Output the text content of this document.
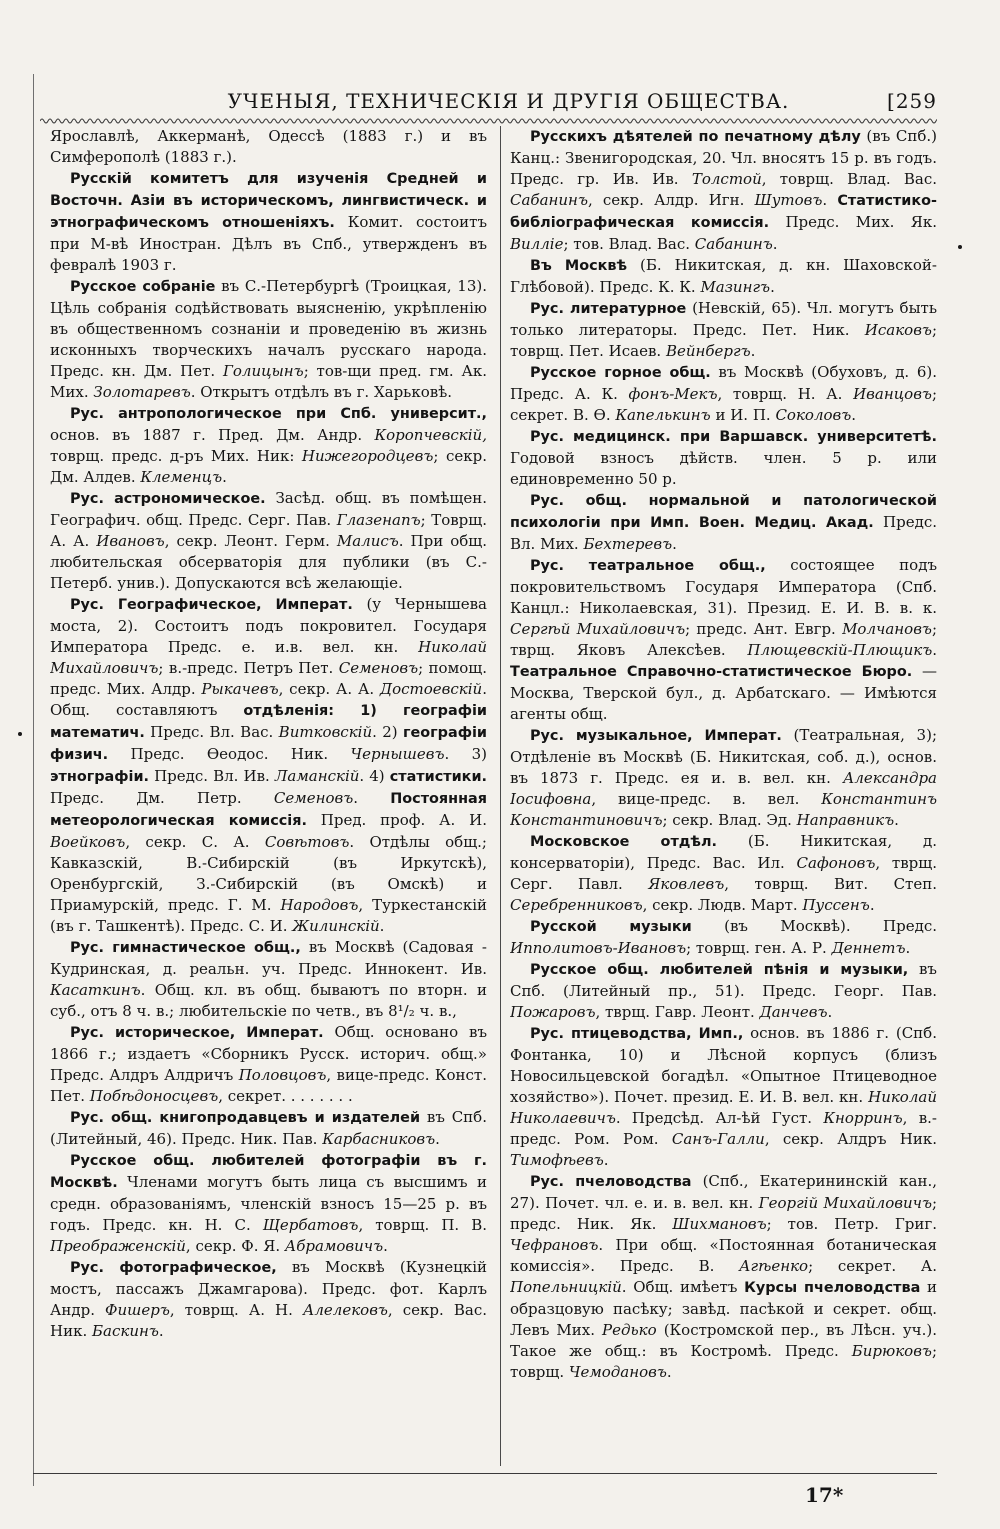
УЧЕНЫЯ, ТЕХНИЧЕСКІЯ И ДРУГІЯ ОБЩЕСТВА.	[259

Ярославлѣ, Аккерманѣ, Одессѣ (1883 г.) и въ Симферополѣ (1883 г.).

Русскій комитетъ для изученія Средней и Восточн. Азіи въ историческомъ, лингвистическ. и этнографическомъ отношеніяхъ. Комит. состоитъ при М-вѣ Иностран. Дѣлъ въ Спб., утвержденъ въ февралѣ 1903 г.

Русское собраніе въ С.-Петербургѣ (Троицкая, 13). Цѣль собранія содѣйствовать выясненію, укрѣпленію въ общественномъ сознаніи и проведенію въ жизнь исконныхъ творческихъ началъ русскаго народа. Предс. кн. Дм. Пет. Голицынъ; тов-щи пред. гм. Ак. Мих. Золотаревъ. Открытъ отдѣлъ въ г. Харьковѣ.

Рус. антропологическое при Спб. университ., основ. въ 1887 г. Пред. Дм. Андр. Коропчевскій, товрщ. предс. д-ръ Мих. Ник: Нижегородцевъ; секр. Дм. Алдев. Клеменцъ.

Рус. астрономическое. Засѣд. общ. въ помѣщен. Географич. общ. Предс. Серг. Пав. Глазенапъ; Товрщ. А. А. Ивановъ, секр. Леонт. Герм. Малисъ. При общ. любительская обсерваторія для публики (въ С.-Петерб. унив.). Допускаются всѣ желающіе.

Рус. Географическое, Императ. (у Чернышева моста, 2). Состоитъ подъ покровител. Государя Императора Предс. е. и.в. вел. кн. Николай Михайловичъ; в.-предс. Петръ Пет. Семеновъ; помощ. предс. Мих. Алдр. Рыкачевъ, секр. А. А. Достоевскій. Общ. составляютъ отдѣленія: 1) географіи математич. Предс. Вл. Вас. Витковскій. 2) географіи физич. Предс. Ѳеодос. Ник. Чернышевъ. 3) этнографіи. Предс. Вл. Ив. Ламанскій. 4) статистики. Предс. Дм. Петр. Семеновъ. Постоянная метеорологическая комиссія. Пред. проф. А. И. Воейковъ, секр. С. А. Совѣтовъ. Отдѣлы общ.; Кавказскій, В.-Сибирскій (въ Иркутскѣ), Оренбургскій, З.-Сибирскій (въ Омскѣ) и Приамурскій, предс. Г. М. Народовъ, Туркестанскій (въ г. Ташкентѣ). Предс. С. И. Жилинскій.

Рус. гимнастическое общ., въ Москвѣ (Садовая - Кудринская, д. реальн. уч. Предс. Иннокент. Ив. Касаткинъ. Общ. кл. въ общ. бываютъ по вторн. и суб., отъ 8 ч. в.; любительскіе по четв., въ 8¹/₂ ч. в.,

Рус. историческое, Императ. Общ. основано въ 1866 г.; издаетъ «Сборникъ Русск. историч. общ.» Предс. Алдръ Алдричъ Половцовъ, вице-предс. Конст. Пет. Побѣдоносцевъ, секрет. . . . . . . .

Рус. общ. книгопродавцевъ и издателей въ Спб. (Литейный, 46). Предс. Ник. Пав. Карбасниковъ.

Русское общ. любителей фотографіи въ г. Москвѣ. Членами могутъ быть лица съ высшимъ и средн. образованіямъ, членскій взносъ 15—25 р. въ годъ. Предс. кн. Н. С. Щербатовъ, товрщ. П. В. Преображенскій, секр. Ф. Я. Абрамовичъ.

Рус. фотографическое, въ Москвѣ (Кузнецкій мостъ, пассажъ Джамгарова). Предс. фот. Карлъ Андр. Фишеръ, товрщ. А. Н. Алелековъ, секр. Вас. Ник. Баскинъ.

Русскихъ дѣятелей по печатному дѣлу (въ Спб.) Канц.: Звенигородская, 20. Чл. вносятъ 15 р. въ годъ. Предс. гр. Ив. Ив. Толстой, товрщ. Влад. Вас. Сабанинъ, секр. Алдр. Игн. Шутовъ. Статистико-библіографическая комиссія. Предс. Мих. Як. Виллie; тов. Влад. Вас. Сабанинъ.

Въ Москвѣ (Б. Никитская, д. кн. Шаховской-Глѣбовой). Предс. К. К. Мазингъ.

Рус. литературное (Невскій, 65). Чл. могутъ быть только литераторы. Предс. Пет. Ник. Исаковъ; товрщ. Пет. Исаев. Вейнбергъ.

Русское горное общ. въ Москвѣ (Обуховъ, д. 6). Предс. А. К. фонъ-Мекъ, товрщ. Н. А. Иванцовъ; секрет. В. Ѳ. Капелькинъ и И. П. Соколовъ.

Рус. медицинск. при Варшавск. университетѣ. Годовой взносъ дѣйств. член. 5 р. или единовременно 50 р.

Рус. общ. нормальной и патологической психологіи при Имп. Воен. Медиц. Акад. Предс. Вл. Мих. Бехтеревъ.

Рус. театральное общ., состоящее подъ покровительствомъ Государя Императора (Спб. Канцл.: Николаевская, 31). Презид. Е. И. В. в. к. Сергѣй Михайловичъ; предс. Ант. Евгр. Молчановъ; тврщ. Яковъ Алексѣев. Плющевскій-Плющикъ. Театральное Справочно-статистическое Бюро. — Москва, Тверской бул., д. Арбатскаго. — Имѣются агенты общ.

Рус. музыкальное, Императ. (Театральная, 3); Отдѣленіе въ Москвѣ (Б. Никитская, соб. д.), основ. въ 1873 г. Предс. ея и. в. вел. кн. Александра Іосифовна, вице-предс. в. вел. Константинъ Константиновичъ; секр. Влад. Эд. Направникъ.

Московское отдѣл. (Б. Никитская, д. консерваторіи), Предс. Вас. Ил. Сафоновъ, тврщ. Серг. Павл. Яковлевъ, товрщ. Вит. Степ. Серебренниковъ, секр. Людв. Март. Пуссенъ.

Русской музыки (въ Москвѣ). Предс. Ипполитовъ-Ивановъ; товрщ. ген. А. Р. Деннетъ.

Русское общ. любителей пѣнія и музыки, въ Спб. (Литейный пр., 51). Предс. Георг. Пав. Пожаровъ, тврщ. Гавр. Леонт. Данчевъ.

Рус. птицеводства, Имп., основ. въ 1886 г. (Спб. Фонтанка, 10) и Лѣсной корпусъ (близъ Новосильцевской богадѣл. «Опытное Птицеводное хозяйство»). Почет. презид. Е. И. В. вел. кн. Николай Николаевичъ. Предсѣд. Ал-ѣй Густ. Кнорринъ, в.-предс. Ром. Ром. Санъ-Галли, секр. Алдръ Ник. Тимофѣевъ.

Рус. пчеловодства (Спб., Екатерининскій кан., 27). Почет. чл. е. и. в. вел. кн. Георгій Михайловичъ; предс. Ник. Як. Шихмановъ; тов. Петр. Григ. Чефрановъ. При общ. «Постоянная ботаническая комиссія». Предс. В. Агѣенко; секрет. А. Попельницкій. Общ. имѣетъ Курсы пчеловодства и образцовую пасѣку; завѣд. пасѣкой и секрет. общ. Левъ Мих. Редько (Костромской пер., въ Лѣсн. уч.). Такое же общ.: въ Костромѣ. Предс. Бирюковъ; товрщ. Чемодановъ.

17*
